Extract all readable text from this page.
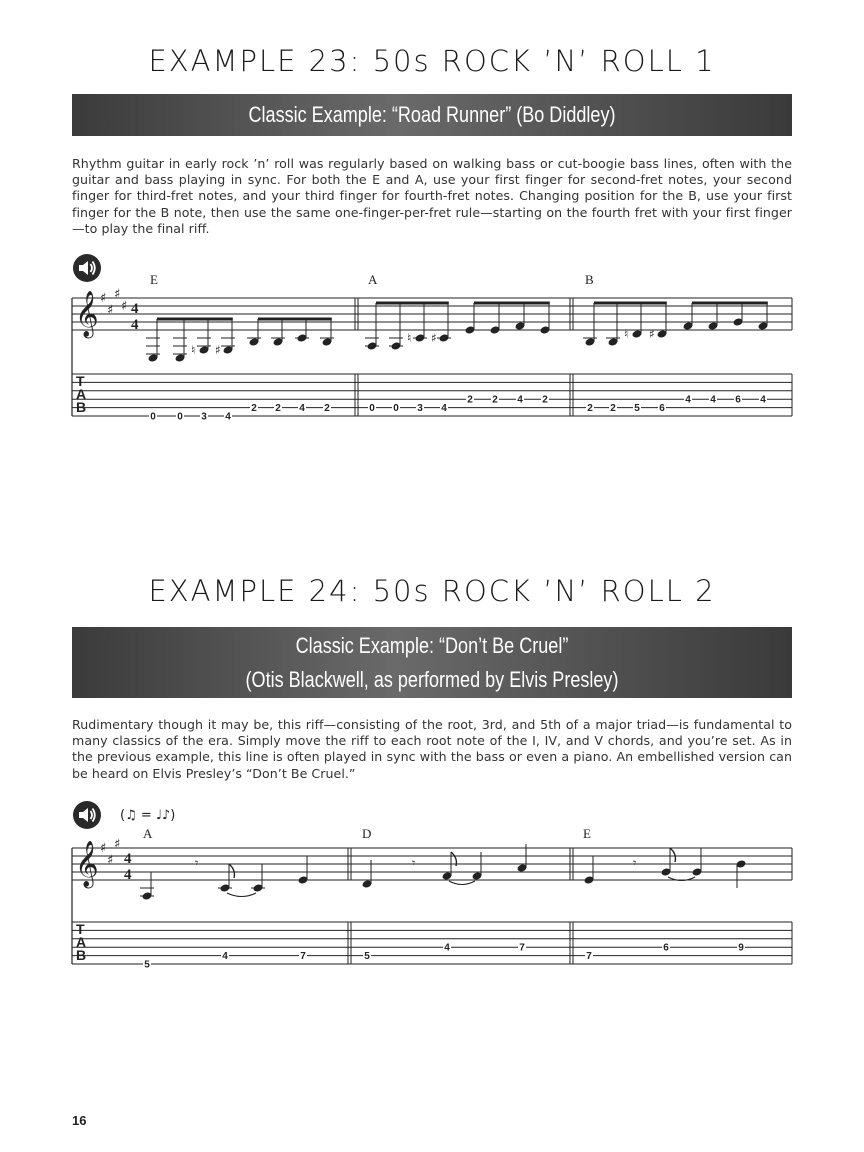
EXAMPLE 23: 50s ROCK ’N’ ROLL 1
Classic Example: “Road Runner” (Bo Diddley)
Rhythm guitar in early rock ’n’ roll was regularly based on walking bass or cut-boogie bass lines, often with the guitar and bass playing in sync. For both the E and A, use your first finger for second-fret notes, your second finger for third-fret notes, and your third finger for fourth-fret notes. Changing position for the B, use your first finger for the B note, then use the same one-finger-per-fret rule—starting on the fourth fret with your first finger—to play the final riff.
EXAMPLE 24: 50s ROCK ’N’ ROLL 2
Classic Example: “Don’t Be Cruel”
(Otis Blackwell, as performed by Elvis Presley)
Rudimentary though it may be, this riff—consisting of the root, 3rd, and 5th of a major triad—is fundamental to many classics of the era. Simply move the riff to each root note of the I, IV, and V chords, and you’re set. As in the previous example, this line is often played in sync with the bass or even a piano. An embellished version can be heard on Elvis Presley’s “Don’t Be Cruel.”
𝄞 ♯
♯
♯
♯ 4
4
T
A
B
E	A	B
♮ ♯
♮ ♯	♮ ♯
0 0 3 4
2 2 4 2	0 0 3 4
2 2 4 2
2 2 5 6
4 4 6 4
𝄞 ♯
♯
♯
4
4
T
A
B
A	D	E
(♫ = ♩♪)
𝄾	𝄾	𝄾
5
4	7	5
4	7
7
6	9
16
